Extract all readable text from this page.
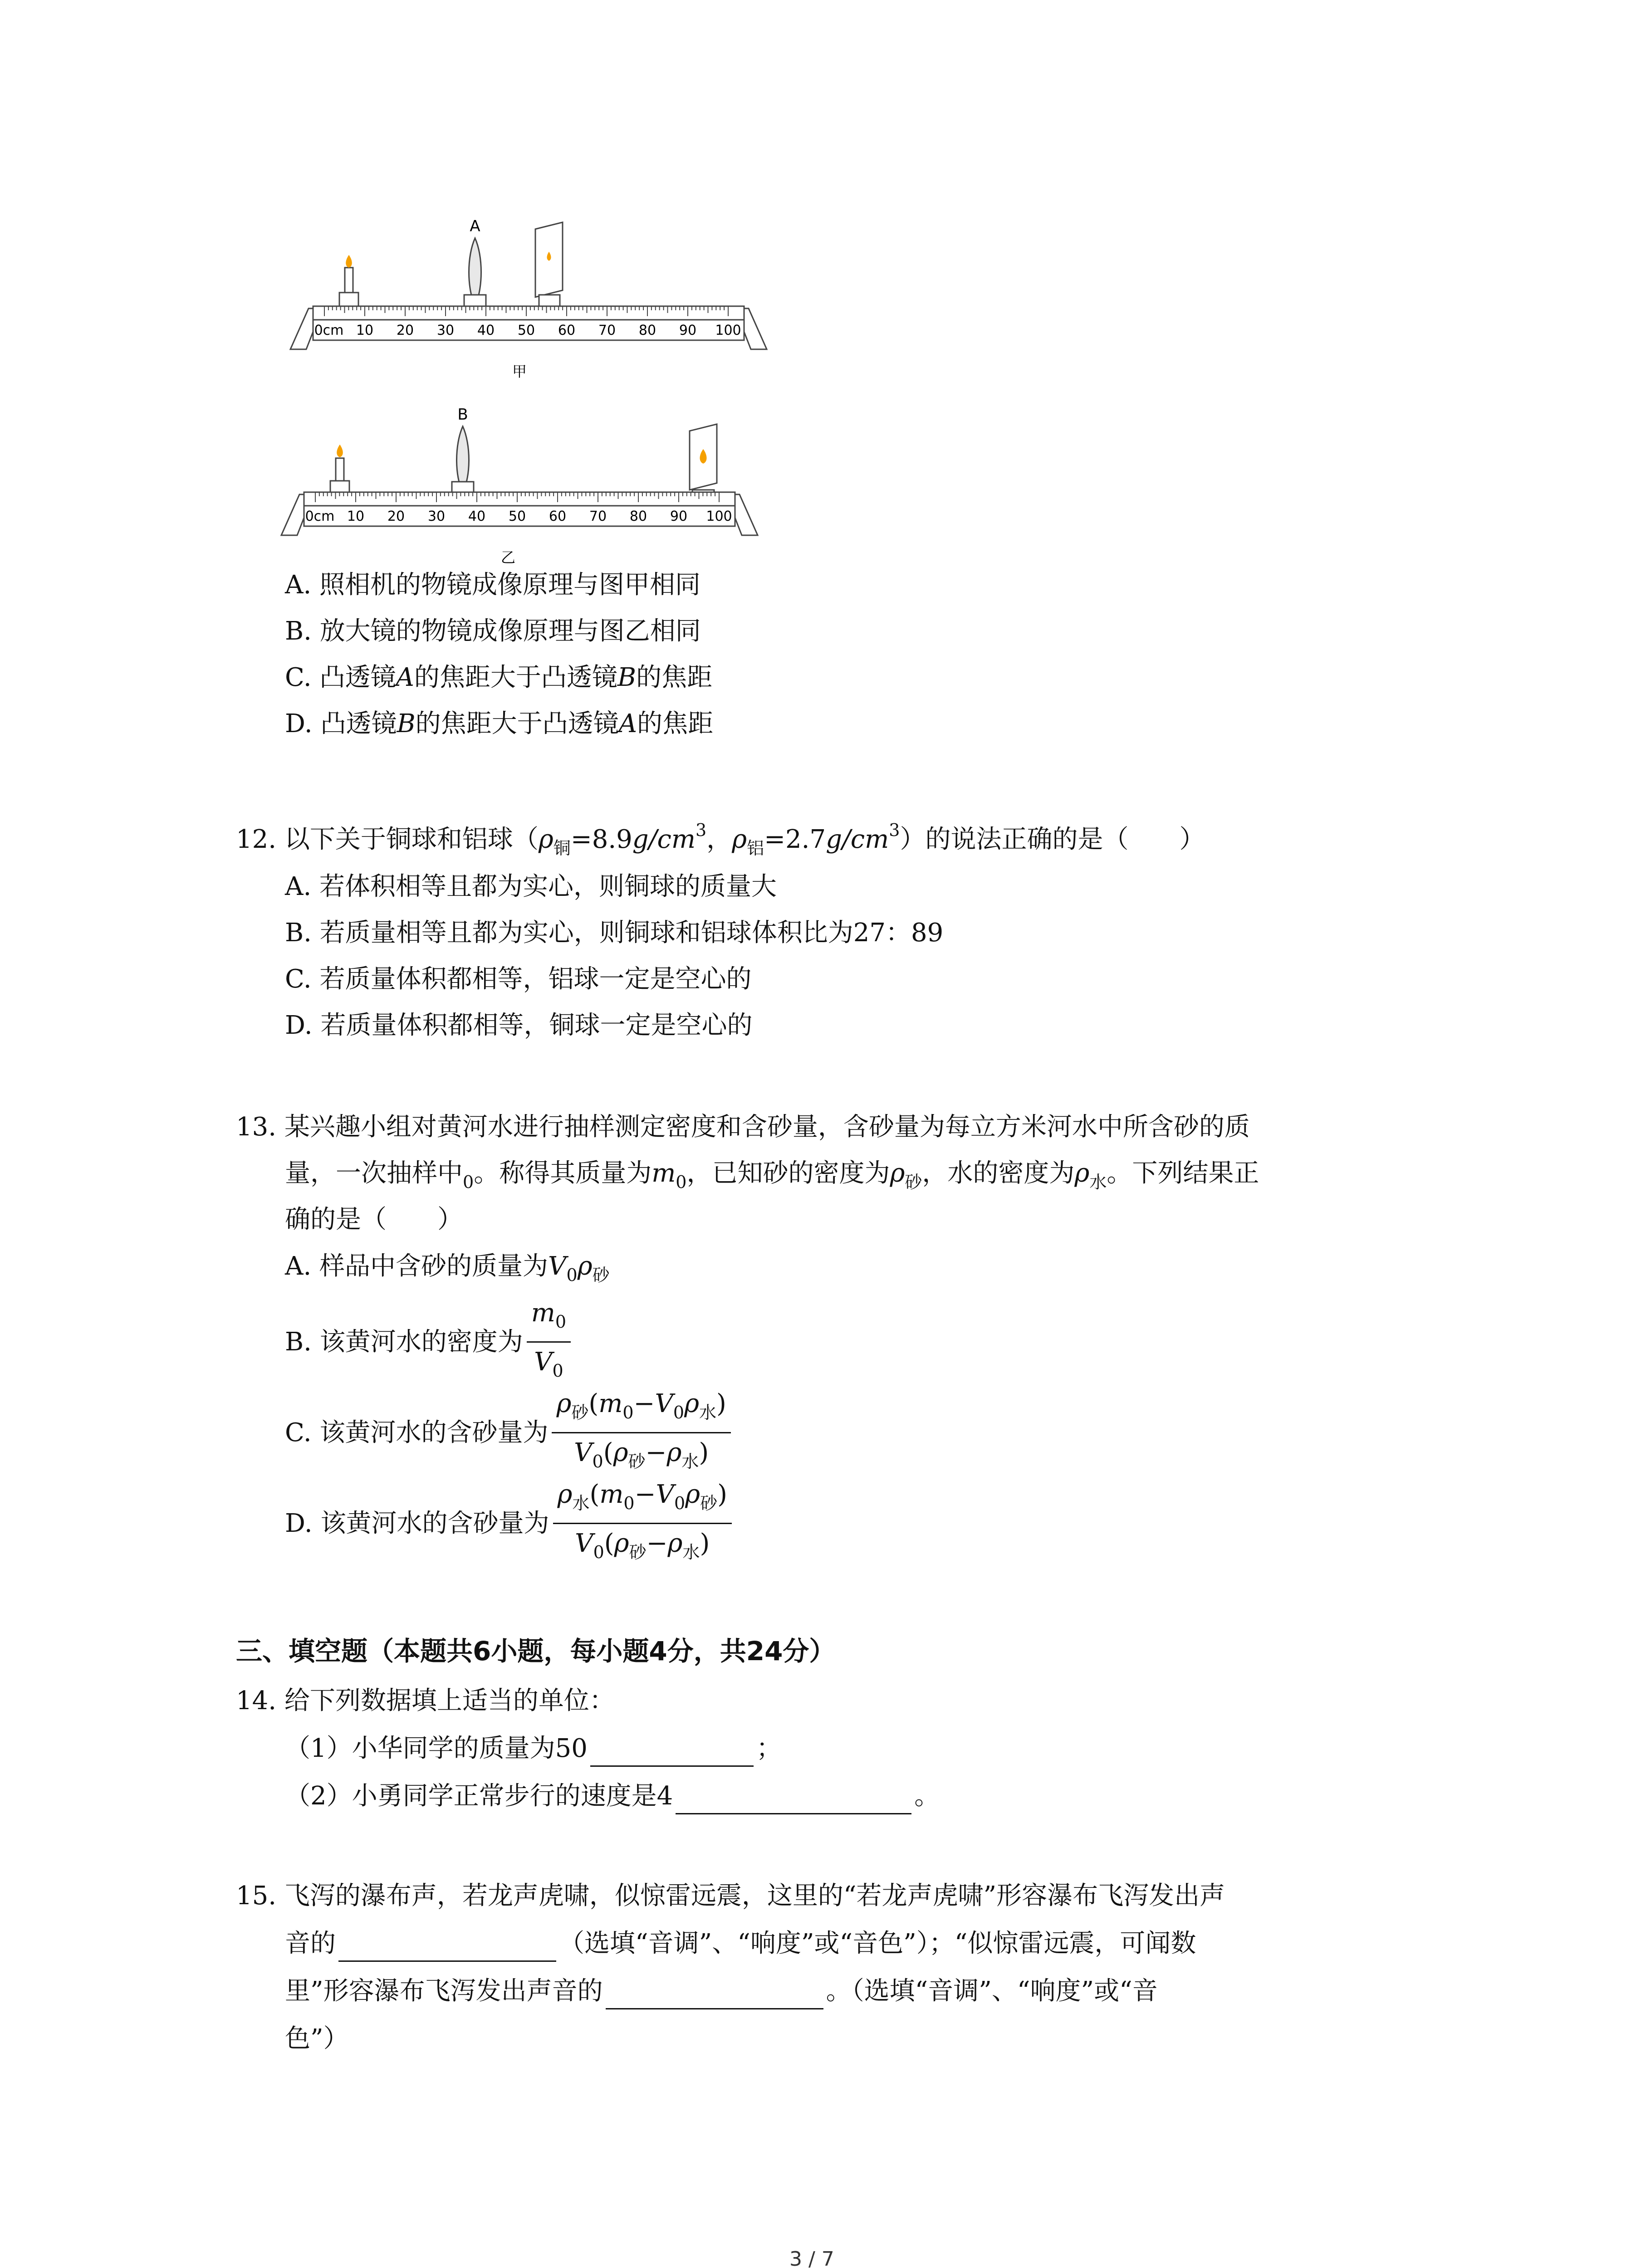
A
0cm 10 20 30 40 50 60 70 80 90 100
甲
B
0cm 10 20 30 40 50 60 70 80 90 100
乙
A. 照相机的物镜成像原理与图甲相同
B. 放大镜的物镜成像原理与图乙相同
C. 凸透镜A的焦距大于凸透镜B的焦距
D. 凸透镜B的焦距大于凸透镜A的焦距
12. 以下关于铜球和铝球（$\rho_铜=8.9g/cm^3$，$\rho_铝=2.7g/cm^3$）的说法正确的是（　　）
A. 若体积相等且都为实心，则铜球的质量大
B. 若质量相等且都为实心，则铜球和铝球体积比为27：89
C. 若质量体积都相等，铝球一定是空心的
D. 若质量体积都相等，铜球一定是空心的
13. 某兴趣小组对黄河水进行抽样测定密度和含砂量，含砂量为每立方米河水中所含砂的质
量，一次抽样中$_0$。称得其质量为$m_0$，已知砂的密度为$\rho_砂$，水的密度为$\rho_水$。下列结果正
确的是（　　）
A. 样品中含砂的质量为$V_0\rho_砂$
B. 该黄河水的密度为 $\frac{m_0}{V_0}$
C. 该黄河水的含砂量为 $\frac{\rho_砂(m_0-V_0\rho_水)}{V_0(\rho_砂-\rho_水)}$
D. 该黄河水的含砂量为 $\frac{\rho_水(m_0-V_0\rho_砂)}{V_0(\rho_砂-\rho_水)}$
三、填空题（本题共6小题，每小题4分，共24分）
14. 给下列数据填上适当的单位：
（1）小华同学的质量为50	；
（2）小勇同学正常步行的速度是4	。
15. 飞泻的瀑布声，若龙声虎啸，似惊雷远震，这里的“若龙声虎啸”形容瀑布飞泻发出声
音的	（选填“音调”、“响度”或“音色”）；“似惊雷远震，可闻数
里”形容瀑布飞泻发出声音的	。（选填“音调”、“响度”或“音
色”）
3 / 7
